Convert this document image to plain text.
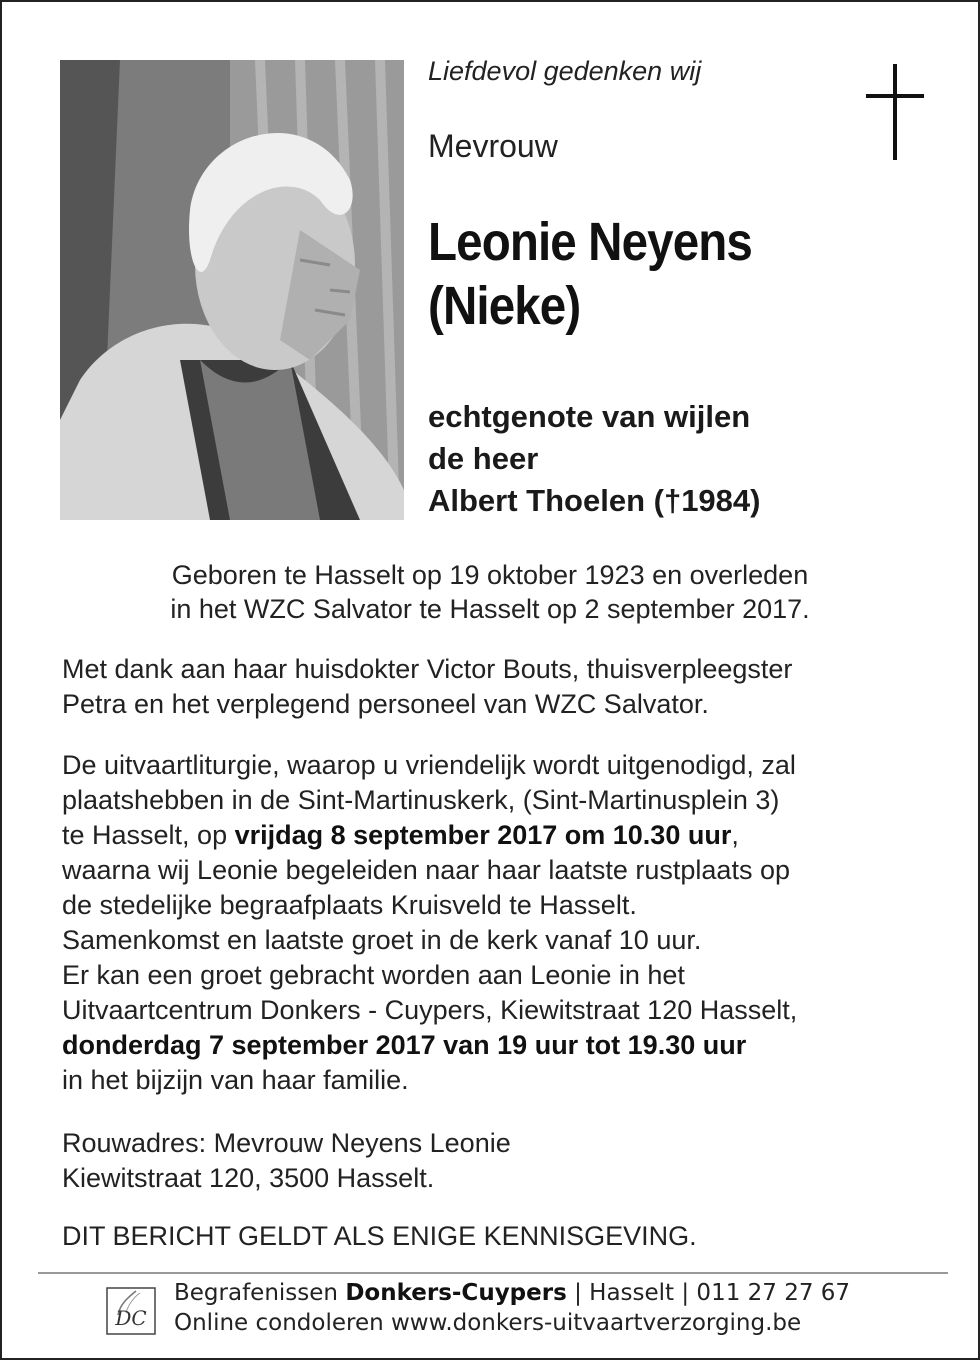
Liefdevol gedenken wij
Mevrouw
Leonie Neyens
(Nieke)
echtgenote van wijlen
de heer
Albert Thoelen (†1984)
Geboren te Hasselt op 19 oktober 1923 en overleden
in het WZC Salvator te Hasselt op 2 september 2017.
Met dank aan haar huisdokter Victor Bouts, thuisverpleegster
Petra en het verplegend personeel van WZC Salvator.
De uitvaartliturgie, waarop u vriendelijk wordt uitgenodigd, zal
plaatshebben in de Sint-Martinuskerk, (Sint-Martinusplein 3)
te Hasselt, op vrijdag 8 september 2017 om 10.30 uur,
waarna wij Leonie begeleiden naar haar laatste rustplaats op
de stedelijke begraafplaats Kruisveld te Hasselt.
Samenkomst en laatste groet in de kerk vanaf 10 uur.
Er kan een groet gebracht worden aan Leonie in het
Uitvaartcentrum Donkers - Cuypers, Kiewitstraat 120 Hasselt,
donderdag 7 september 2017 van 19 uur tot 19.30 uur
in het bijzijn van haar familie.
Rouwadres: Mevrouw Neyens Leonie
Kiewitstraat 120, 3500 Hasselt.
DIT BERICHT GELDT ALS ENIGE KENNISGEVING.
DC
Begrafenissen Donkers-Cuypers | Hasselt | 011 27 27 67
Online condoleren www.donkers-uitvaartverzorging.be
